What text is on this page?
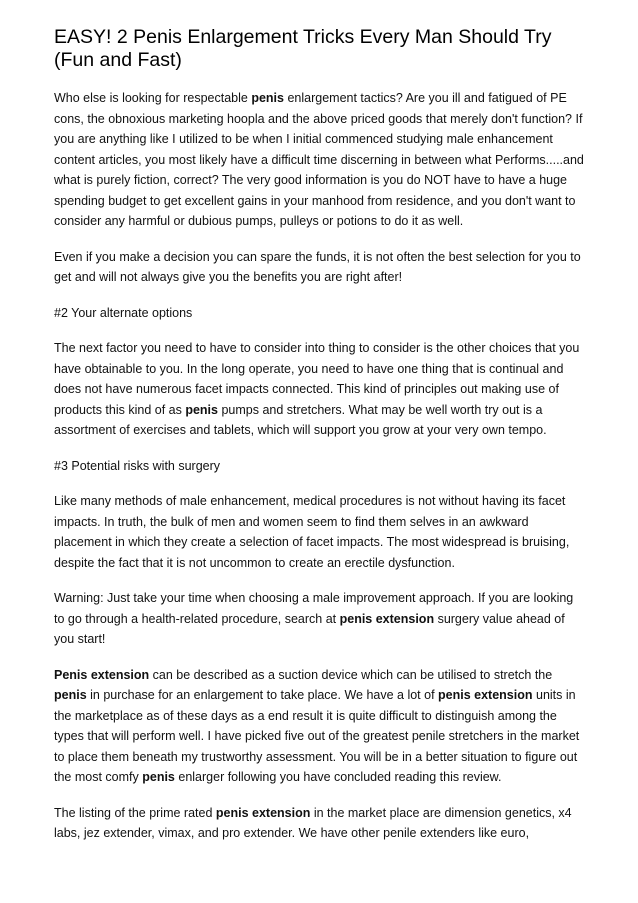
EASY! 2 Penis Enlargement Tricks Every Man Should Try (Fun and Fast)

Who else is looking for respectable penis enlargement tactics? Are you ill and fatigued of PE cons, the obnoxious marketing hoopla and the above priced goods that merely don't function? If you are anything like I utilized to be when I initial commenced studying male enhancement content articles, you most likely have a difficult time discerning in between what Performs.....and what is purely fiction, correct? The very good information is you do NOT have to have a huge spending budget to get excellent gains in your manhood from residence, and you don't want to consider any harmful or dubious pumps, pulleys or potions to do it as well.

Even if you make a decision you can spare the funds, it is not often the best selection for you to get and will not always give you the benefits you are right after!

#2 Your alternate options

The next factor you need to have to consider into thing to consider is the other choices that you have obtainable to you. In the long operate, you need to have one thing that is continual and does not have numerous facet impacts connected. This kind of principles out making use of products this kind of as penis pumps and stretchers. What may be well worth try out is a assortment of exercises and tablets, which will support you grow at your very own tempo.

#3 Potential risks with surgery

Like many methods of male enhancement, medical procedures is not without having its facet impacts. In truth, the bulk of men and women seem to find them selves in an awkward placement in which they create a selection of facet impacts. The most widespread is bruising, despite the fact that it is not uncommon to create an erectile dysfunction.

Warning: Just take your time when choosing a male improvement approach. If you are looking to go through a health-related procedure, search at penis extension surgery value ahead of you start!

Penis extension can be described as a suction device which can be utilised to stretch the penis in purchase for an enlargement to take place. We have a lot of penis extension units in the marketplace as of these days as a end result it is quite difficult to distinguish among the types that will perform well. I have picked five out of the greatest penile stretchers in the market to place them beneath my trustworthy assessment. You will be in a better situation to figure out the most comfy penis enlarger following you have concluded reading this review.

The listing of the prime rated penis extension in the market place are dimension genetics, x4 labs, jez extender, vimax, and pro extender. We have other penile extenders like euro,
